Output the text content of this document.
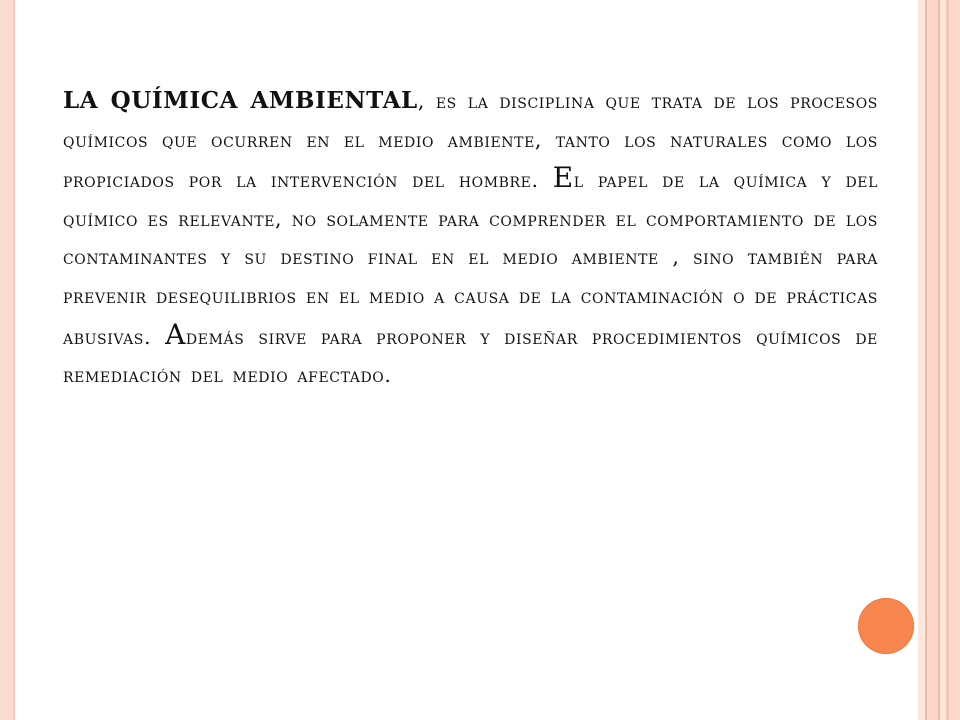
LA QUÍMICA AMBIENTAL, es la disciplina que trata de los procesos químicos que ocurren en el medio ambiente, tanto los naturales como los propiciados por la intervención del hombre. El papel de la química y del químico es relevante, no solamente para comprender el comportamiento de los contaminantes y su destino final en el medio ambiente , sino también para prevenir desequilibrios en el medio a causa de la contaminación o de prácticas abusivas. Además sirve para proponer y diseñar procedimientos químicos de remediación del medio afectado.
